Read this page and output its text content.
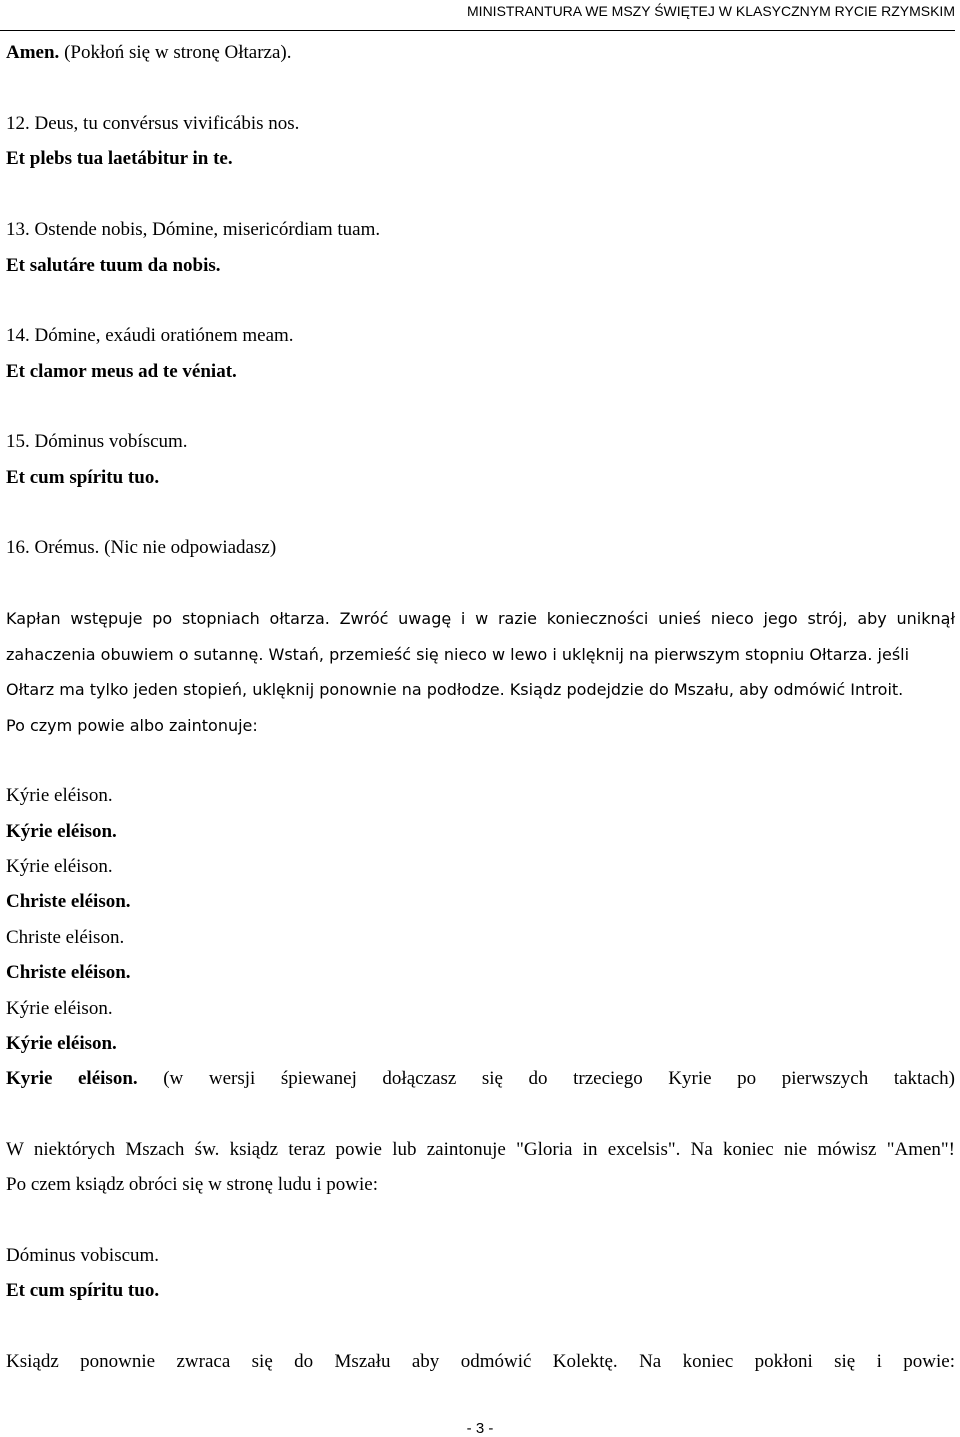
MINISTRANTURA WE MSZY ŚWIĘTEJ W KLASYCZNYM RYCIE RZYMSKIM
Amen. (Pokłoń się w stronę Ołtarza).
12. Deus, tu convérsus vivificábis nos.
Et plebs tua laetábitur in te.
13. Ostende nobis, Dómine, misericórdiam tuam.
Et salutáre tuum da nobis.
14. Dómine, exáudi oratiónem meam.
Et clamor meus ad te véniat.
15. Dóminus vobíscum.
Et cum spíritu tuo.
16. Orémus. (Nic nie odpowiadasz)
Kapłan wstępuje po stopniach ołtarza. Zwróć uwagę i w razie konieczności unieś nieco jego strój, aby uniknął
zahaczenia obuwiem o sutannę. Wstań, przemieść się nieco w lewo i uklęknij na pierwszym stopniu Ołtarza. jeśli
Ołtarz ma tylko jeden stopień, uklęknij ponownie na podłodze. Ksiądz podejdzie do Mszału, aby odmówić Introit.
Po czym powie albo zaintonuje:
Kýrie eléison.
Kýrie eléison.
Kýrie eléison.
Christe eléison.
Christe eléison.
Christe eléison.
Kýrie eléison.
Kýrie eléison.
Kyrie eléison. (w wersji śpiewanej dołączasz się do trzeciego Kyrie po pierwszych taktach)
W niektórych Mszach św. ksiądz teraz powie lub zaintonuje "Gloria in excelsis". Na koniec nie mówisz "Amen"!
Po czem ksiądz obróci się w stronę ludu i powie:
Dóminus vobiscum.
Et cum spíritu tuo.
Ksiądz ponownie zwraca się do Mszału aby odmówić Kolektę. Na koniec pokłoni się i powie:
- 3 -
